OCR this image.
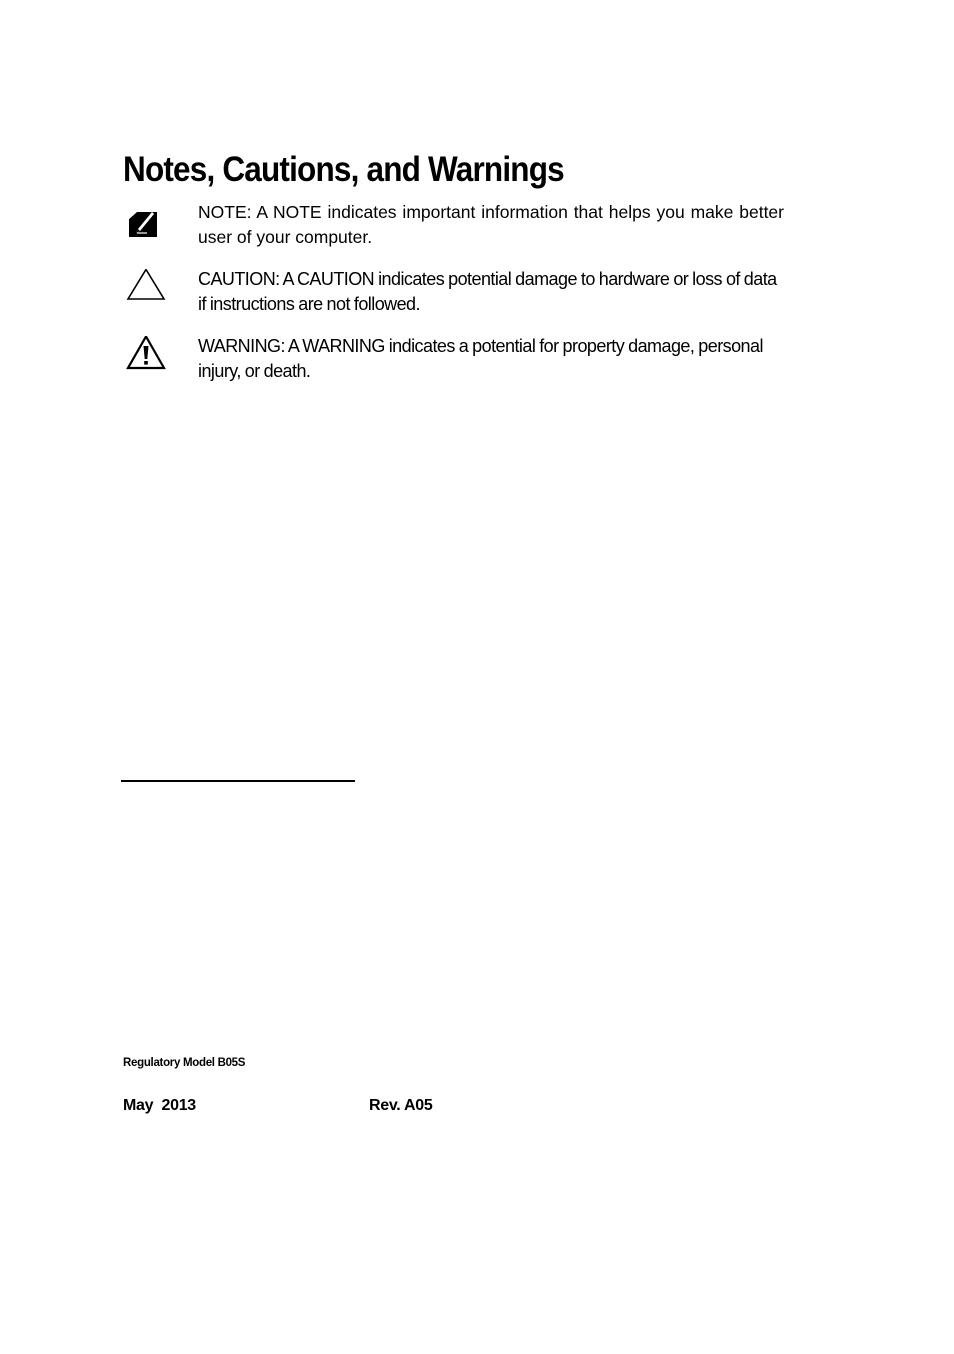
Notes, Cautions, and Warnings
NOTE: A NOTE indicates important information that helps you make better user of your computer.
CAUTION: A CAUTION indicates potential damage to hardware or loss of data if instructions are not followed.
WARNING: A WARNING indicates a potential for property damage, personal injury, or death.
Regulatory Model B05S
May  2013	Rev. A05
